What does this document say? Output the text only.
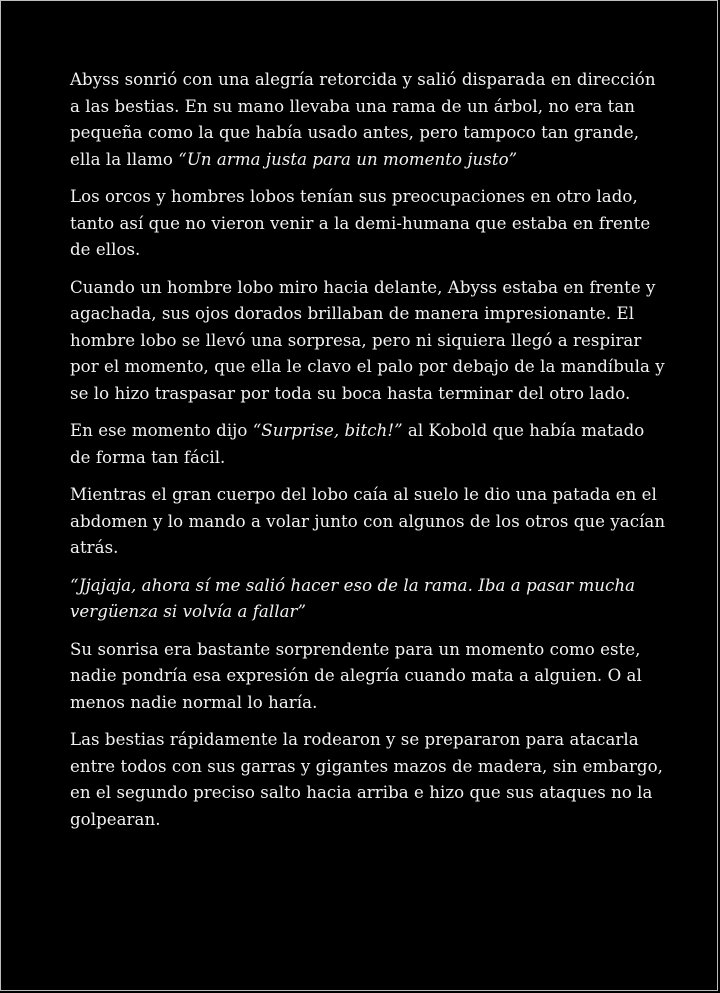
Abyss sonrió con una alegría retorcida y salió disparada en dirección a las bestias. En su mano llevaba una rama de un árbol, no era tan pequeña como la que había usado antes, pero tampoco tan grande, ella la llamo “Un arma justa para un momento justo”

Los orcos y hombres lobos tenían sus preocupaciones en otro lado, tanto así que no vieron venir a la demi-humana que estaba en frente de ellos.

Cuando un hombre lobo miro hacia delante, Abyss estaba en frente y agachada, sus ojos dorados brillaban de manera impresionante. El hombre lobo se llevó una sorpresa, pero ni siquiera llegó a respirar por el momento, que ella le clavo el palo por debajo de la mandíbula y se lo hizo traspasar por toda su boca hasta terminar del otro lado.

En ese momento dijo “Surprise, bitch!” al Kobold que había matado de forma tan fácil.

Mientras el gran cuerpo del lobo caía al suelo le dio una patada en el abdomen y lo mando a volar junto con algunos de los otros que yacían atrás.

“Jjajaja, ahora sí me salió hacer eso de la rama. Iba a pasar mucha vergüenza si volvía a fallar”

Su sonrisa era bastante sorprendente para un momento como este, nadie pondría esa expresión de alegría cuando mata a alguien. O al menos nadie normal lo haría.

Las bestias rápidamente la rodearon y se prepararon para atacarla entre todos con sus garras y gigantes mazos de madera, sin embargo, en el segundo preciso salto hacia arriba e hizo que sus ataques no la golpearan.
